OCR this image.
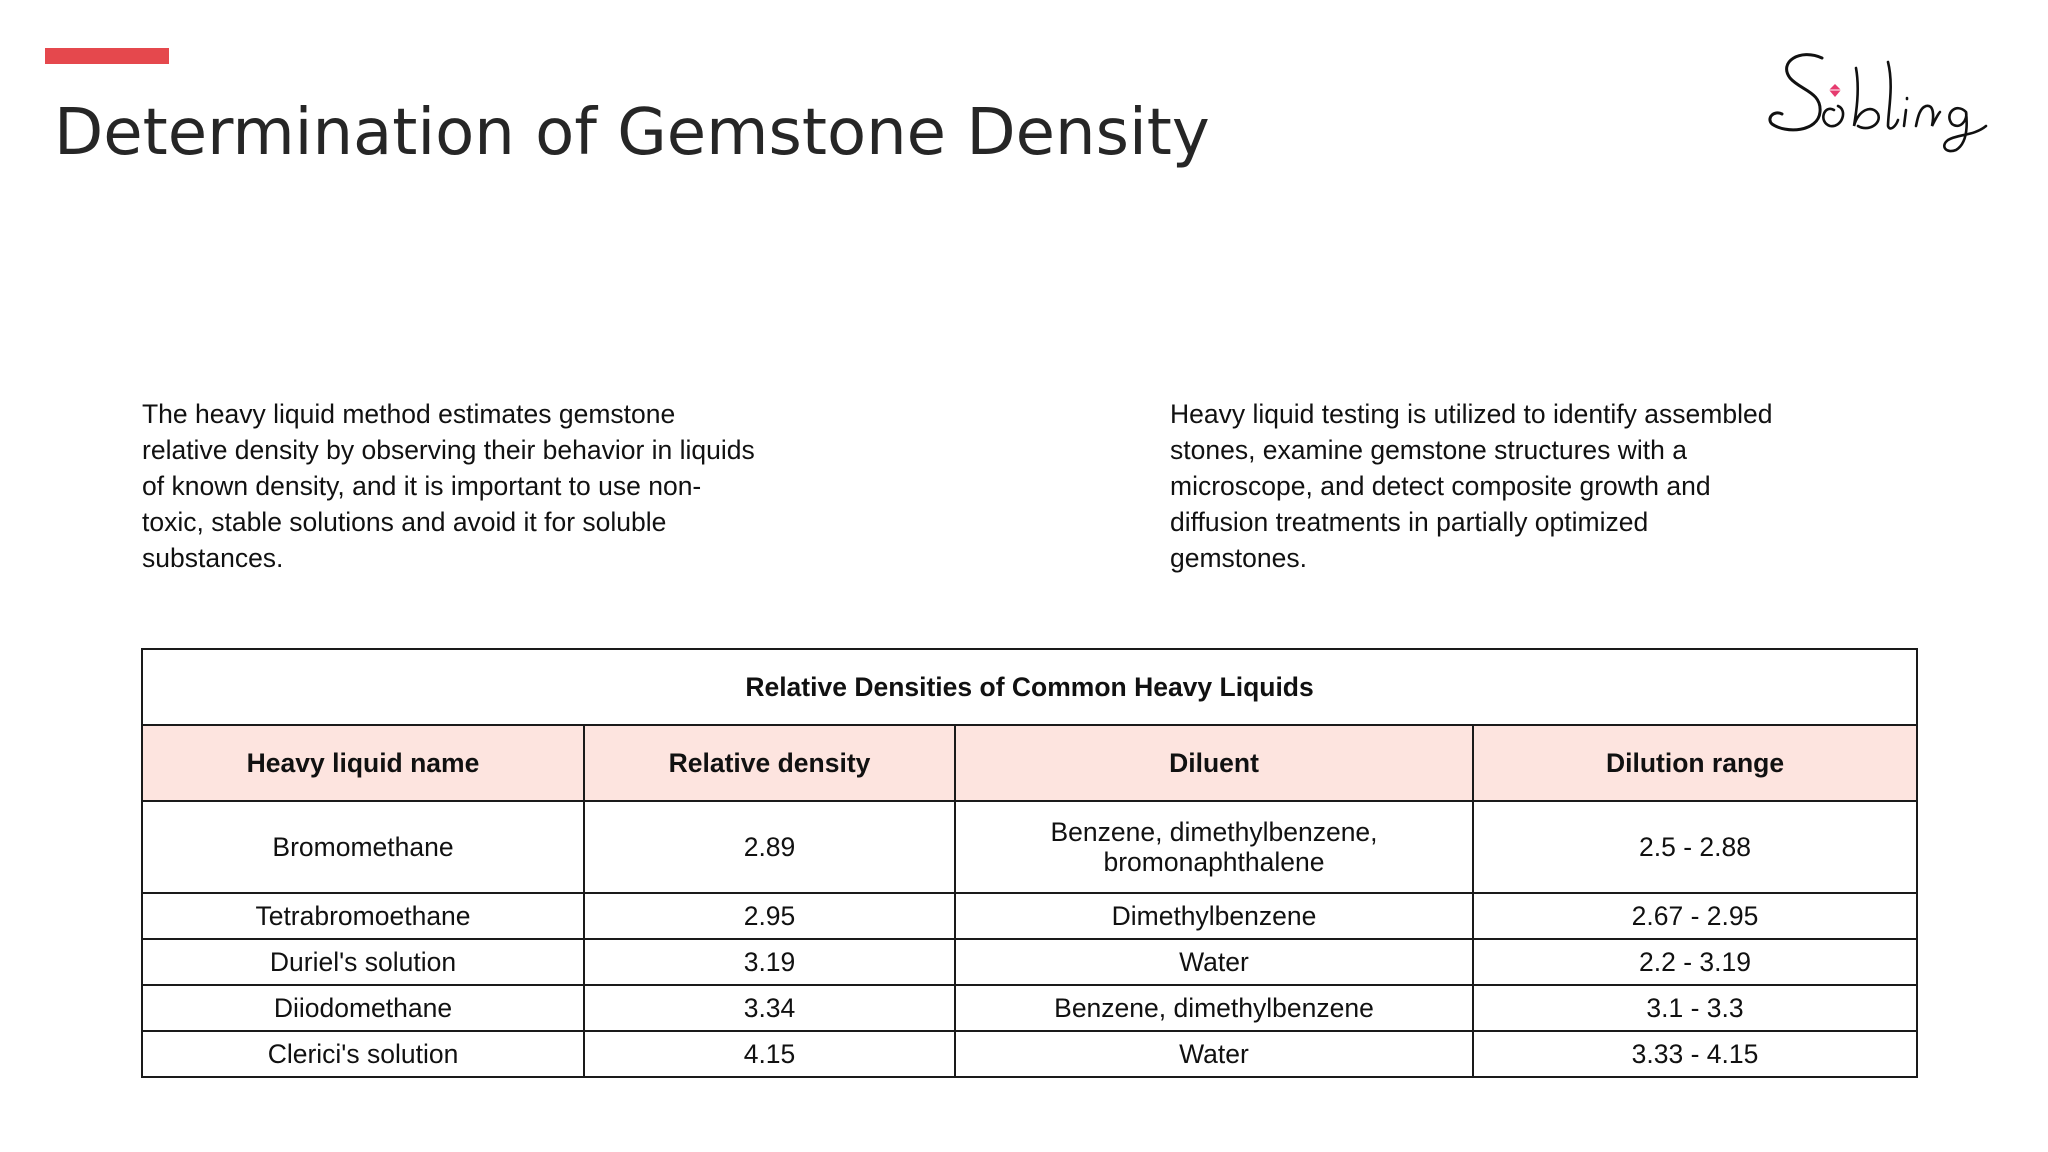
Determination of Gemstone Density

The heavy liquid method estimates gemstone relative density by observing their behavior in liquids of known density, and it is important to use non-toxic, stable solutions and avoid it for soluble substances.

Heavy liquid testing is utilized to identify assembled stones, examine gemstone structures with a microscope, and detect composite growth and diffusion treatments in partially optimized gemstones.

Relative Densities of Common Heavy Liquids			
Heavy liquid name	Relative density	Diluent	Dilution range
Bromomethane	2.89	Benzene, dimethylbenzene, bromonaphthalene	2.5 - 2.88
Tetrabromoethane	2.95	Dimethylbenzene	2.67 - 2.95
Duriel's solution	3.19	Water	2.2 - 3.19
Diiodomethane	3.34	Benzene, dimethylbenzene	3.1 - 3.3
Clerici's solution	4.15	Water	3.33 - 4.15
